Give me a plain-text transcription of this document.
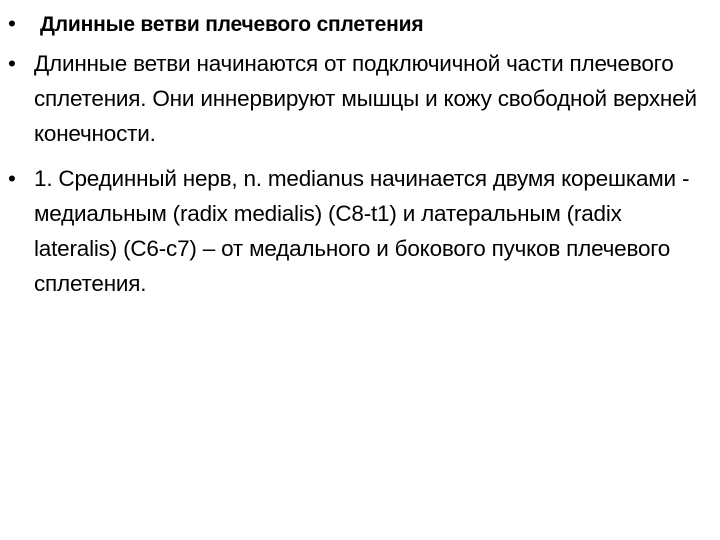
•	Длинные ветви плечевого сплетения
• Длинные ветви начинаются от подключичной части плечевого сплетения. Они иннервируют мышцы и кожу свободной верхней конечности.
• 1. Срединный нерв, n. medianus начинается двумя корешками - медиальным (radix medialis) (C8-t1) и латеральным (radix lateralis) (C6-c7) – от медального и бокового пучков плечевого сплетения.
